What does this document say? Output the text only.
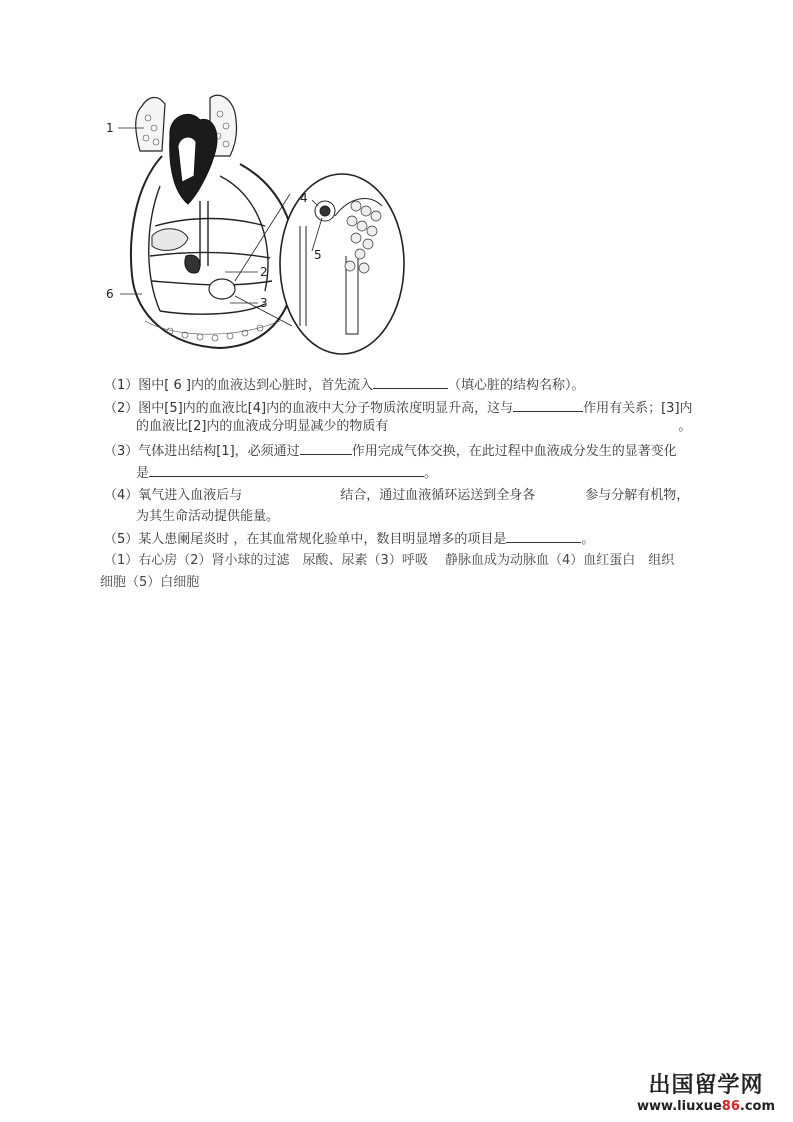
1
2
3
4
5
6
（1）图中[ 6 ]内的血液达到心脏时，首先流入	（填心脏的结构名称）。
（2）图中[5]内的血液比[4]内的血液中大分子物质浓度明显升高，这与	作用有关系；[3]内
的血液比[2]内的血液成分明显减少的物质有	。
（3）气体进出结构[1]，必须通过	作用完成气体交换，在此过程中血液成分发生的显著变化
是	。
（4）氧气进入血液后与	结合，通过血液循环运送到全身各	参与分解有机物，
为其生命活动提供能量。
（5）某人患阑尾炎时 ，在其血常规化验单中，数目明显增多的项目是	。
（1）右心房（2）肾小球的过滤　尿酸、尿素（3）呼吸　 静脉血成为动脉血（4）血红蛋白　组织
细胞（5）白细胞
出国留学网
www.liuxue86.com
